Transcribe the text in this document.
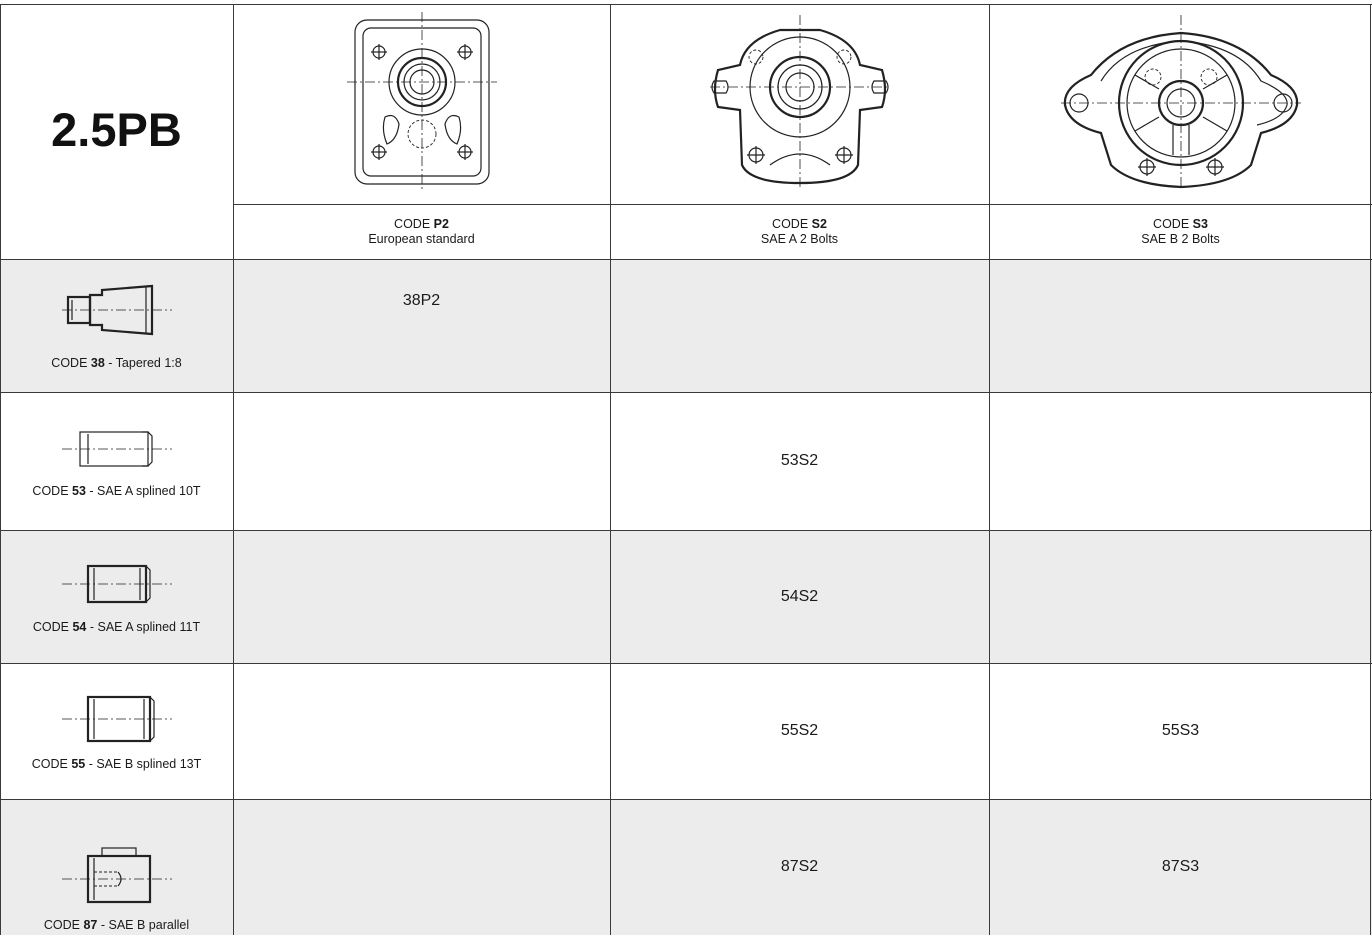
2.5PB
CODE P2
European standard
CODE S2
SAE A 2 Bolts
CODE S3
SAE B 2 Bolts
CODE 38 - Tapered 1:8
38P2
CODE 53 - SAE A splined 10T
53S2
CODE 54 - SAE A splined 11T
54S2
CODE 55 - SAE B splined 13T
55S2	55S3
CODE 87 - SAE B parallel
87S2	87S3
